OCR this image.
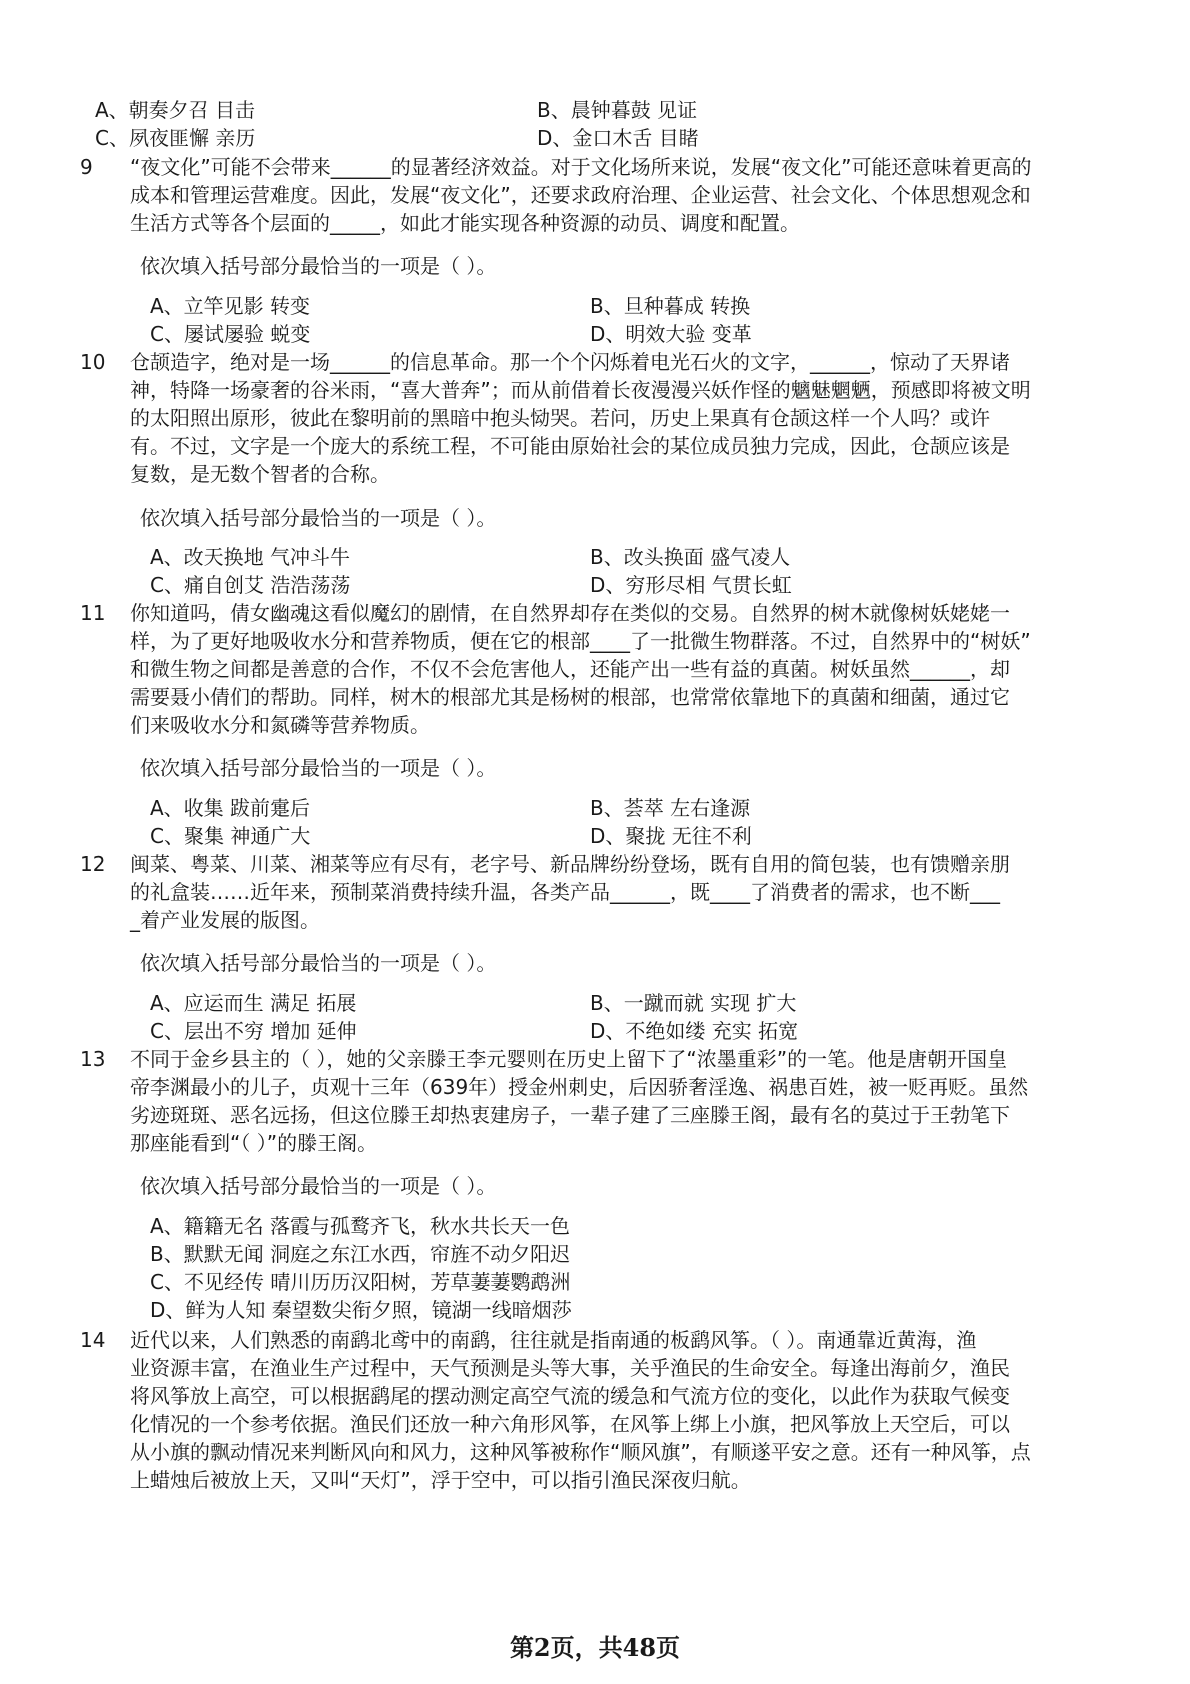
A、朝奏夕召 目击	B、晨钟暮鼓 见证
C、夙夜匪懈 亲历	D、金口木舌 目睹
9 “夜文化”可能不会带来______的显著经济效益。对于文化场所来说，发展“夜文化”可能还意味着更高的
成本和管理运营难度。因此，发展“夜文化”，还要求政府治理、企业运营、社会文化、个体思想观念和
生活方式等各个层面的_____，如此才能实现各种资源的动员、调度和配置。
依次填入括号部分最恰当的一项是（ ）。
A、立竿见影 转变	B、旦种暮成 转换
C、屡试屡验 蜕变	D、明效大验 变革
10 仓颉造字，绝对是一场______的信息革命。那一个个闪烁着电光石火的文字，______，惊动了天界诸
神，特降一场豪奢的谷米雨，“喜大普奔”；而从前借着长夜漫漫兴妖作怪的魑魅魍魉，预感即将被文明
的太阳照出原形，彼此在黎明前的黑暗中抱头恸哭。若问，历史上果真有仓颉这样一个人吗？或许
有。不过，文字是一个庞大的系统工程，不可能由原始社会的某位成员独力完成，因此，仓颉应该是
复数，是无数个智者的合称。
依次填入括号部分最恰当的一项是（ ）。
A、改天换地 气冲斗牛	B、改头换面 盛气凌人
C、痛自创艾 浩浩荡荡	D、穷形尽相 气贯长虹
11 你知道吗，倩女幽魂这看似魔幻的剧情，在自然界却存在类似的交易。自然界的树木就像树妖姥姥一
样，为了更好地吸收水分和营养物质，便在它的根部____了一批微生物群落。不过，自然界中的“树妖”
和微生物之间都是善意的合作，不仅不会危害他人，还能产出一些有益的真菌。树妖虽然______，却
需要聂小倩们的帮助。同样，树木的根部尤其是杨树的根部，也常常依靠地下的真菌和细菌，通过它
们来吸收水分和氮磷等营养物质。
依次填入括号部分最恰当的一项是（ ）。
A、收集 跋前疐后	B、荟萃 左右逢源
C、聚集 神通广大	D、聚拢 无往不利
12 闽菜、粤菜、川菜、湘菜等应有尽有，老字号、新品牌纷纷登场，既有自用的简包装，也有馈赠亲朋
的礼盒装……近年来，预制菜消费持续升温，各类产品______，既____了消费者的需求，也不断___
_着产业发展的版图。
依次填入括号部分最恰当的一项是（ ）。
A、应运而生 满足 拓展	B、一蹴而就 实现 扩大
C、层出不穷 增加 延伸	D、不绝如缕 充实 拓宽
13 不同于金乡县主的（ ），她的父亲滕王李元婴则在历史上留下了“浓墨重彩”的一笔。他是唐朝开国皇
帝李渊最小的儿子，贞观十三年（639年）授金州刺史，后因骄奢淫逸、祸患百姓，被一贬再贬。虽然
劣迹斑斑、恶名远扬，但这位滕王却热衷建房子，一辈子建了三座滕王阁，最有名的莫过于王勃笔下
那座能看到“（ ）”的滕王阁。
依次填入括号部分最恰当的一项是（ ）。
A、籍籍无名 落霞与孤鹜齐飞，秋水共长天一色
B、默默无闻 洞庭之东江水西，帘旌不动夕阳迟
C、不见经传 晴川历历汉阳树，芳草萋萋鹦鹉洲
D、鲜为人知 秦望数尖衔夕照，镜湖一线暗烟莎
14 近代以来，人们熟悉的南鹞北鸢中的南鹞，往往就是指南通的板鹞风筝。（ ）。南通靠近黄海，渔
业资源丰富，在渔业生产过程中，天气预测是头等大事，关乎渔民的生命安全。每逢出海前夕，渔民
将风筝放上高空，可以根据鹞尾的摆动测定高空气流的缓急和气流方位的变化，以此作为获取气候变
化情况的一个参考依据。渔民们还放一种六角形风筝，在风筝上绑上小旗，把风筝放上天空后，可以
从小旗的飘动情况来判断风向和风力，这种风筝被称作“顺风旗”，有顺遂平安之意。还有一种风筝，点
上蜡烛后被放上天，又叫“天灯”，浮于空中，可以指引渔民深夜归航。
第2页，共48页
